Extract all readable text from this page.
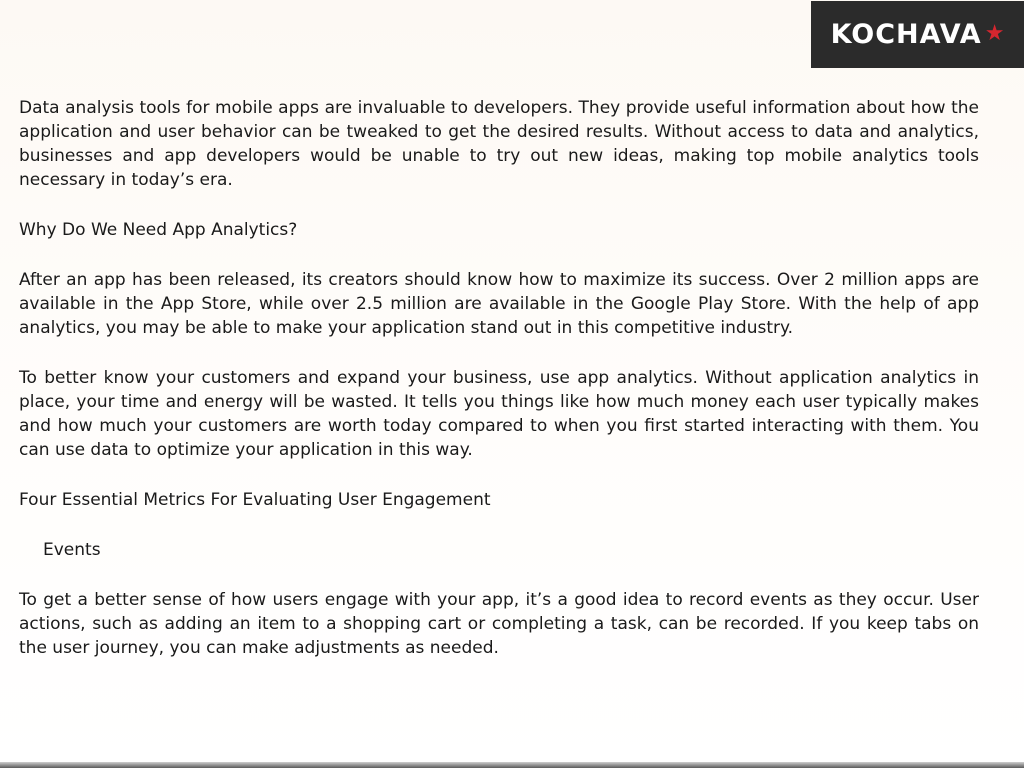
KOCHAVA ★

Data analysis tools for mobile apps are invaluable to developers. They provide useful information about how the application and user behavior can be tweaked to get the desired results. Without access to data and analytics, businesses and app developers would be unable to try out new ideas, making top mobile analytics tools necessary in today’s era.

Why Do We Need App Analytics?

After an app has been released, its creators should know how to maximize its success. Over 2 million apps are available in the App Store, while over 2.5 million are available in the Google Play Store. With the help of app analytics, you may be able to make your application stand out in this competitive industry.

To better know your customers and expand your business, use app analytics. Without application analytics in place, your time and energy will be wasted. It tells you things like how much money each user typically makes and how much your customers are worth today compared to when you first started interacting with them. You can use data to optimize your application in this way.

Four Essential Metrics For Evaluating User Engagement

Events

To get a better sense of how users engage with your app, it’s a good idea to record events as they occur. User actions, such as adding an item to a shopping cart or completing a task, can be recorded. If you keep tabs on the user journey, you can make adjustments as needed.
